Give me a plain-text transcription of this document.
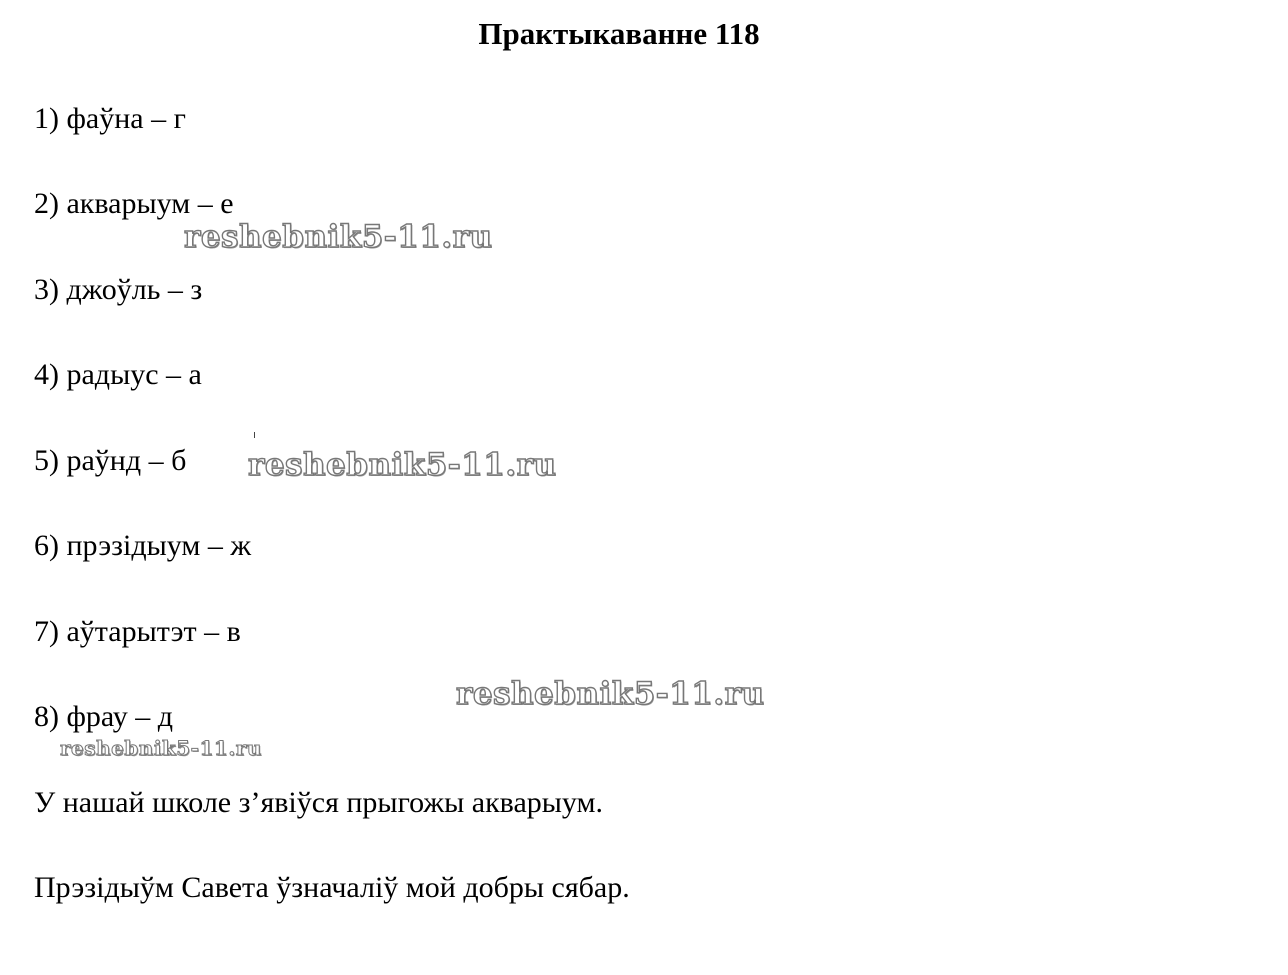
Практыкаванне 118
1) фаўна – г
2) акварыум – е
3) джоўль – з
4) радыус – а
5) раўнд – б
6) прэзідыум – ж
7) аўтарытэт – в
8) фрау – д
У нашай школе з’явіўся прыгожы акварыум.
Прэзідыўм Савета ўзначаліў мой добры сябар.
reshebnik5-11.ru
reshebnik5-11.ru
reshebnik5-11.ru
reshebnik5-11.ru
